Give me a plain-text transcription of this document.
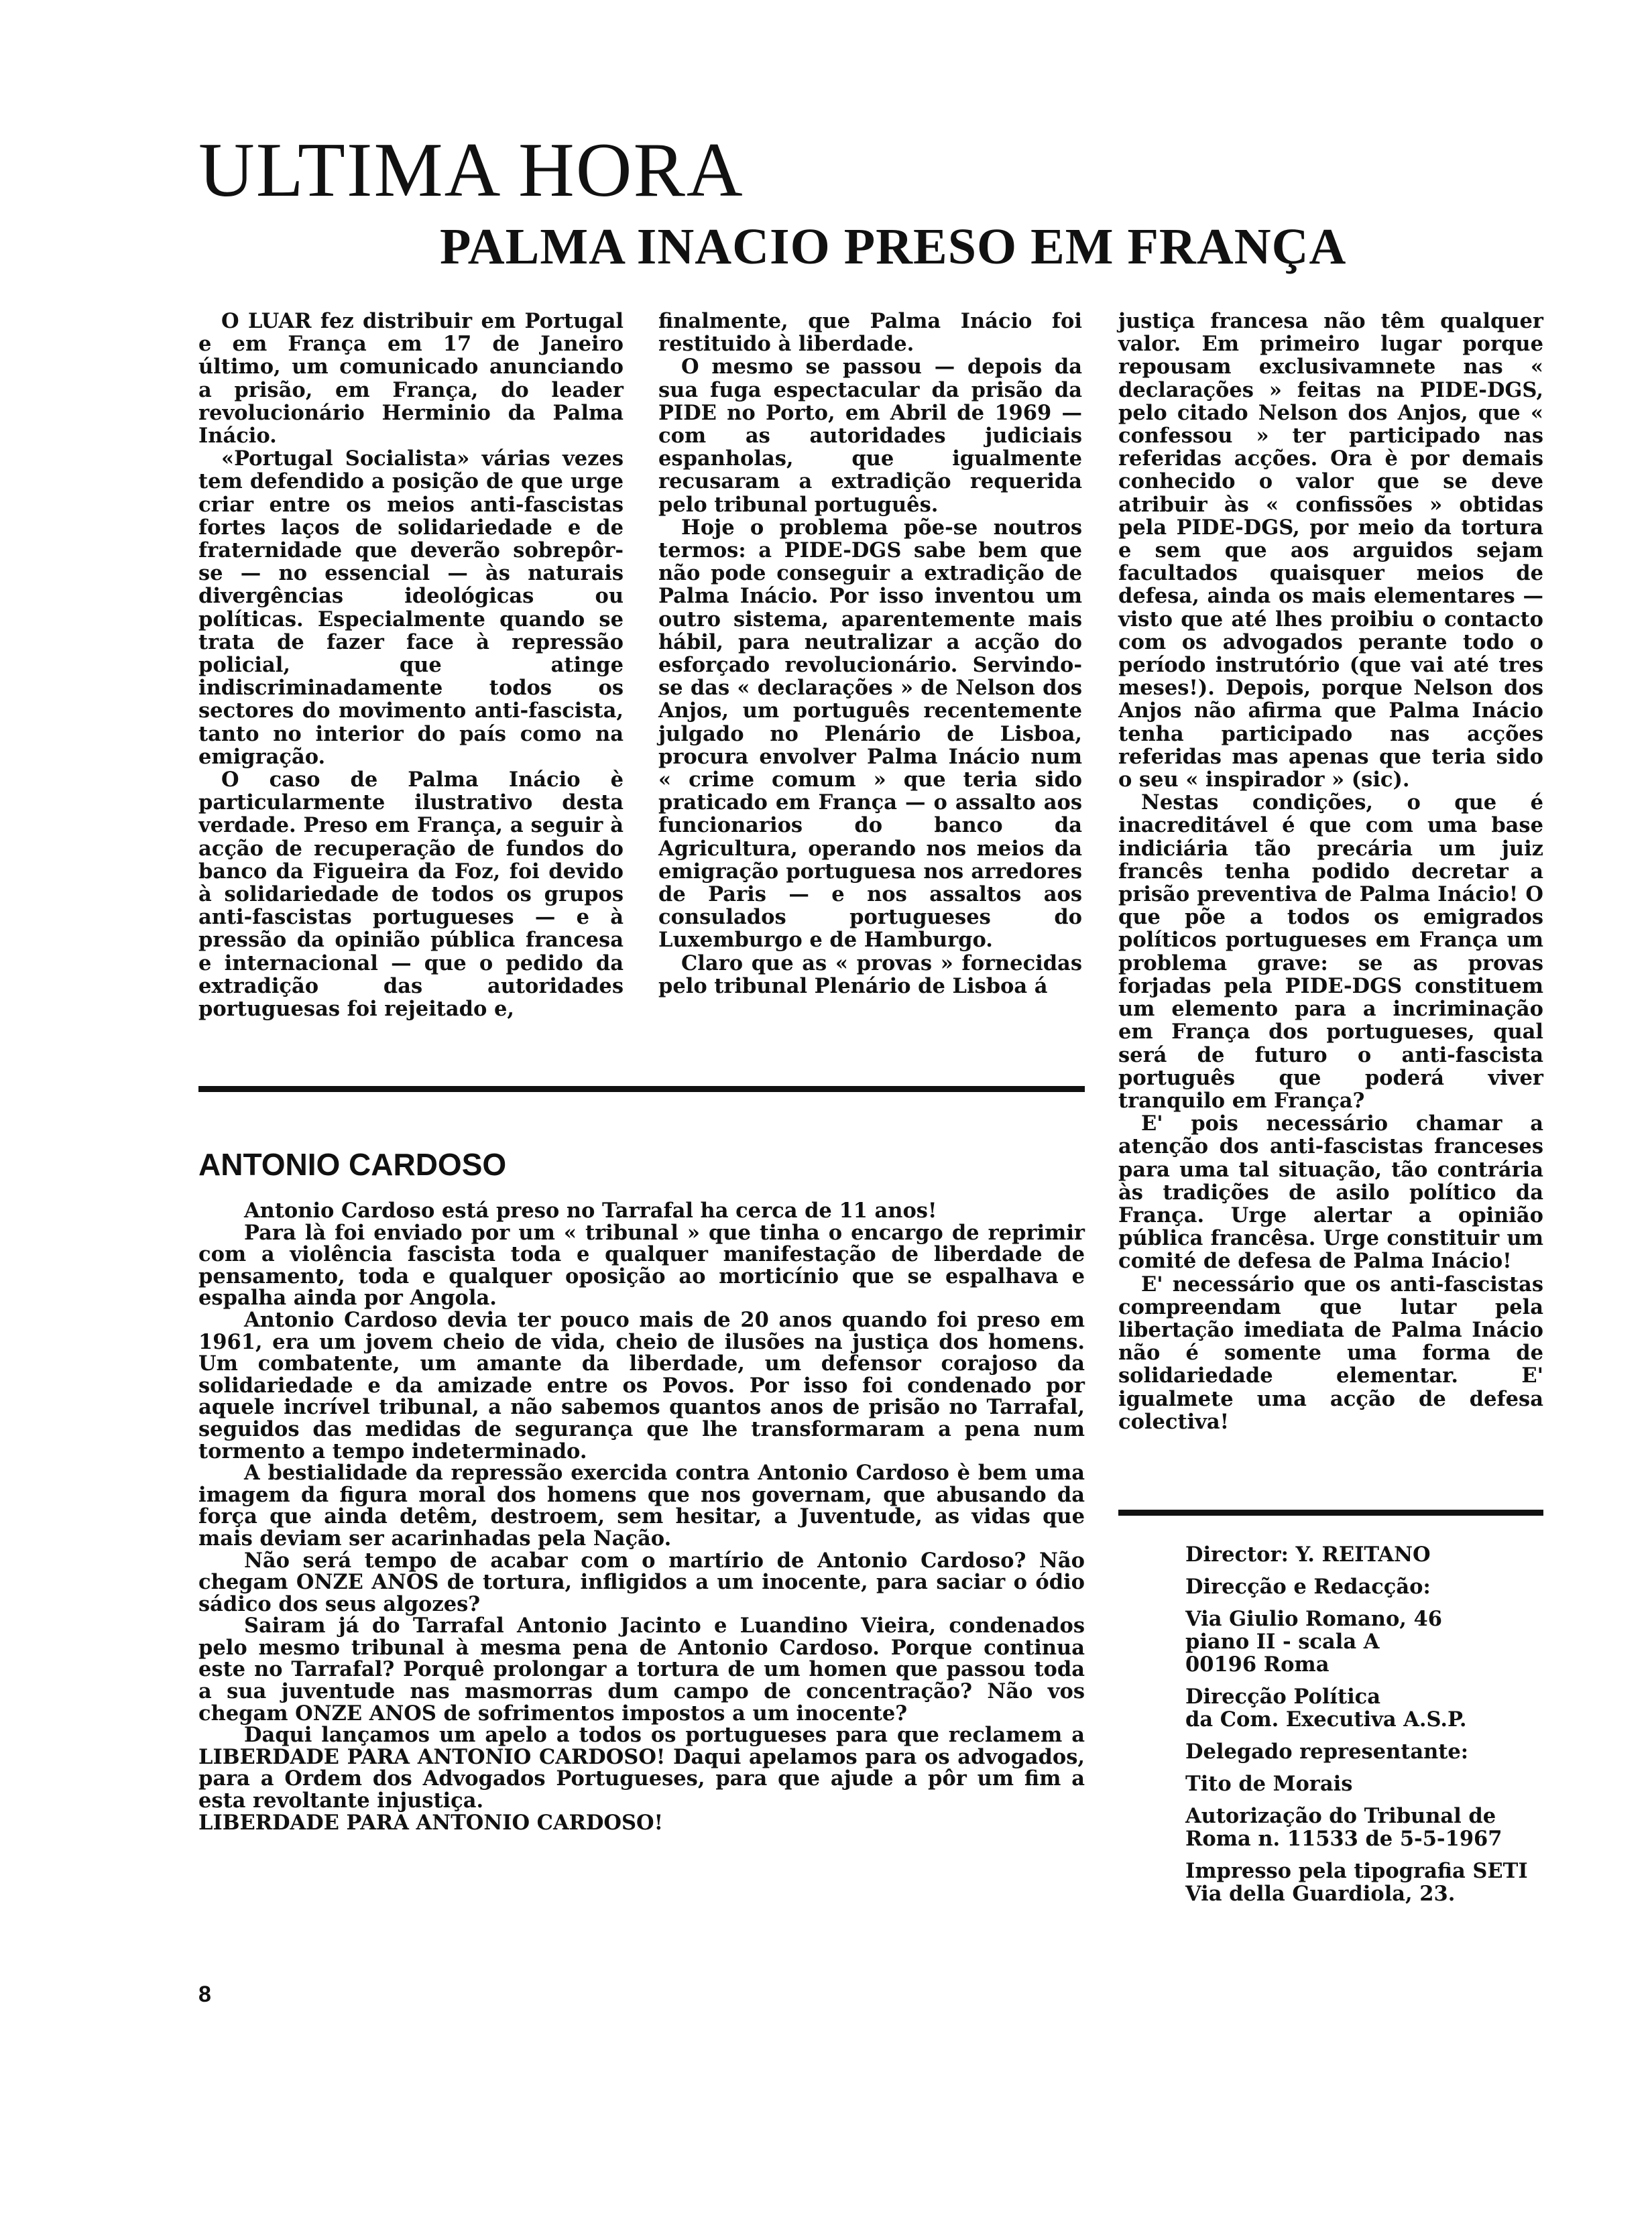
ULTIMA HORA
PALMA INACIO PRESO EM FRANÇA

O LUAR fez distribuir em Portugal e em França em 17 de Janeiro último, um comunicado anunciando a prisão, em França, do leader revolucionário Herminio da Palma Inácio.

«Portugal Socialista» várias vezes tem defendido a posição de que urge criar entre os meios anti-fascistas fortes laços de solidariedade e de fraternidade que deverão sobrepôr-se — no essencial — às naturais divergências ideológicas ou políticas. Especialmente quando se trata de fazer face à repressão policial, que atinge indiscriminadamente todos os sectores do movimento anti-fascista, tanto no interior do país como na emigração.

O caso de Palma Inácio è particularmente ilustrativo desta verdade. Preso em França, a seguir à acção de recuperação de fundos do banco da Figueira da Foz, foi devido à solidariedade de todos os grupos anti-fascistas portugueses — e à pressão da opinião pública francesa e internacional — que o pedido da extradição das autoridades portuguesas foi rejeitado e,

finalmente, que Palma Inácio foi restituido à liberdade.

O mesmo se passou — depois da sua fuga espectacular da prisão da PIDE no Porto, em Abril de 1969 — com as autoridades judiciais espanholas, que igualmente recusaram a extradição requerida pelo tribunal português.

Hoje o problema põe-se noutros termos: a PIDE-DGS sabe bem que não pode conseguir a extradição de Palma Inácio. Por isso inventou um outro sistema, aparentemente mais hábil, para neutralizar a acção do esforçado revolucionário. Servindo-se das « declarações » de Nelson dos Anjos, um português recentemente julgado no Plenário de Lisboa, procura envolver Palma Inácio num « crime comum » que teria sido praticado em França — o assalto aos funcionarios do banco da Agricultura, operando nos meios da emigração portuguesa nos arredores de Paris — e nos assaltos aos consulados portugueses do Luxemburgo e de Hamburgo.

Claro que as « provas » fornecidas pelo tribunal Plenário de Lisboa á

justiça francesa não têm qualquer valor. Em primeiro lugar porque repousam exclusivamnete nas « declarações » feitas na PIDE-DGS, pelo citado Nelson dos Anjos, que « confessou » ter participado nas referidas acções. Ora è por demais conhecido o valor que se deve atribuir às « confissões » obtidas pela PIDE-DGS, por meio da tortura e sem que aos arguidos sejam facultados quaisquer meios de defesa, ainda os mais elementares — visto que até lhes proibiu o contacto com os advogados perante todo o período instrutório (que vai até tres meses!). Depois, porque Nelson dos Anjos não afirma que Palma Inácio tenha participado nas acções referidas mas apenas que teria sido o seu « inspirador » (sic).

Nestas condições, o que é inacreditável é que com uma base indiciária tão precária um juiz francês tenha podido decretar a prisão preventiva de Palma Inácio! O que põe a todos os emigrados políticos portugueses em França um problema grave: se as provas forjadas pela PIDE-DGS constituem um elemento para a incriminação em França dos portugueses, qual será de futuro o anti-fascista português que poderá viver tranquilo em França?

E' pois necessário chamar a atenção dos anti-fascistas franceses para uma tal situação, tão contrária às tradições de asilo político da França. Urge alertar a opinião pública francêsa. Urge constituir um comité de defesa de Palma Inácio!

E' necessário que os anti-fascistas compreendam que lutar pela libertação imediata de Palma Inácio não é somente uma forma de solidariedade elementar. E' igualmete uma acção de defesa colectiva!

ANTONIO CARDOSO

Antonio Cardoso está preso no Tarrafal ha cerca de 11 anos!

Para là foi enviado por um « tribunal » que tinha o encargo de reprimir com a violência fascista toda e qualquer manifestação de liberdade de pensamento, toda e qualquer oposição ao morticínio que se espalhava e espalha ainda por Angola.

Antonio Cardoso devia ter pouco mais de 20 anos quando foi preso em 1961, era um jovem cheio de vida, cheio de ilusões na justiça dos homens. Um combatente, um amante da liberdade, um defensor corajoso da solidariedade e da amizade entre os Povos. Por isso foi condenado por aquele incrível tribunal, a não sabemos quantos anos de prisão no Tarrafal, seguidos das medidas de segurança que lhe transformaram a pena num tormento a tempo indeterminado.

A bestialidade da repressão exercida contra Antonio Cardoso è bem uma imagem da figura moral dos homens que nos governam, que abusando da força que ainda detêm, destroem, sem hesitar, a Juventude, as vidas que mais deviam ser acarinhadas pela Nação.

Não será tempo de acabar com o martírio de Antonio Cardoso? Não chegam ONZE ANOS de tortura, infligidos a um inocente, para saciar o ódio sádico dos seus algozes?

Sairam já do Tarrafal Antonio Jacinto e Luandino Vieira, condenados pelo mesmo tribunal à mesma pena de Antonio Cardoso. Porque continua este no Tarrafal? Porquê prolongar a tortura de um homen que passou toda a sua juventude nas masmorras dum campo de concentração? Não vos chegam ONZE ANOS de sofrimentos impostos a um inocente?

Daqui lançamos um apelo a todos os portugueses para que reclamem a LIBERDADE PARA ANTONIO CARDOSO! Daqui apelamos para os advogados, para a Ordem dos Advogados Portugueses, para que ajude a pôr um fim a esta revoltante injustiça.

LIBERDADE PARA ANTONIO CARDOSO!

Director: Y. REITANO

Direcção e Redacção:

Via Giulio Romano, 46
piano II - scala A
00196 Roma

Direcção Política
da Com. Executiva A.S.P.

Delegado representante:

Tito de Morais

Autorização do Tribunal de
Roma n. 11533 de 5-5-1967

Impresso pela tipografia SETI
Via della Guardiola, 23.

8
